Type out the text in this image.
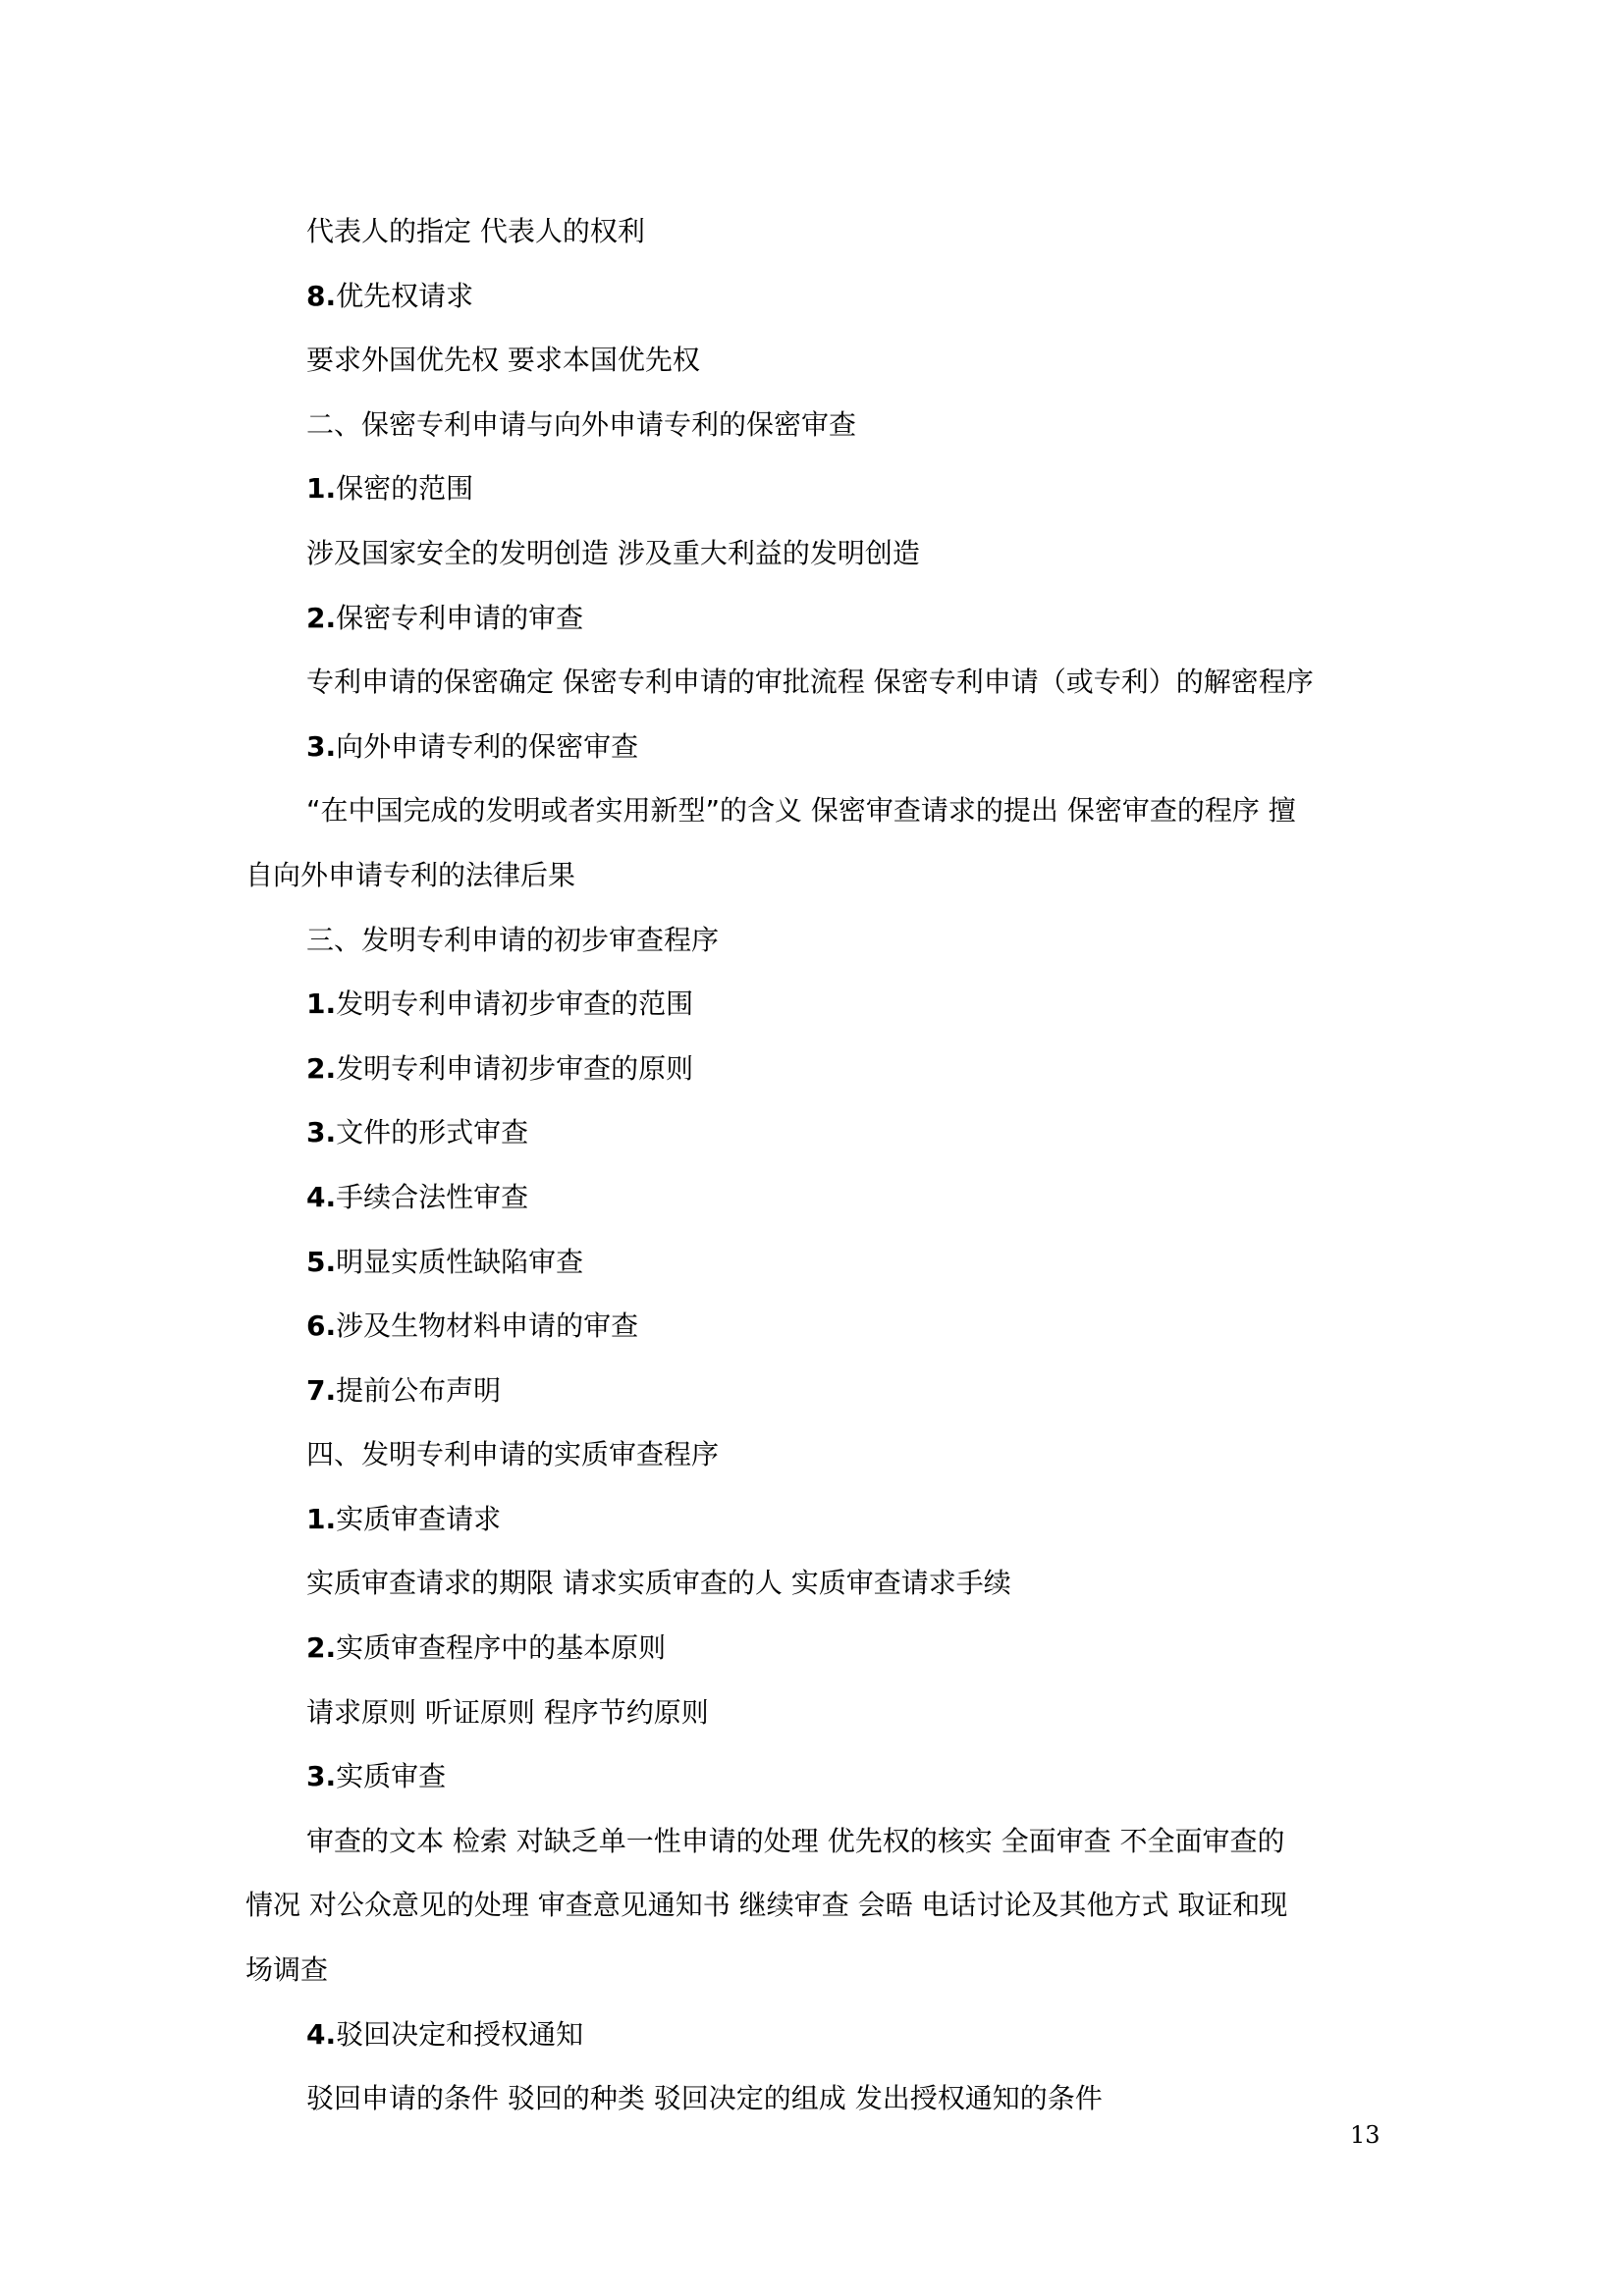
代表人的指定 代表人的权利

8.优先权请求

要求外国优先权 要求本国优先权

二、保密专利申请与向外申请专利的保密审查

1.保密的范围

涉及国家安全的发明创造 涉及重大利益的发明创造

2.保密专利申请的审查

专利申请的保密确定 保密专利申请的审批流程 保密专利申请（或专利）的解密程序

3.向外申请专利的保密审查

“在中国完成的发明或者实用新型”的含义 保密审查请求的提出 保密审查的程序 擅

自向外申请专利的法律后果

三、发明专利申请的初步审查程序

1.发明专利申请初步审查的范围

2.发明专利申请初步审查的原则

3.文件的形式审查

4.手续合法性审查

5.明显实质性缺陷审查

6.涉及生物材料申请的审查

7.提前公布声明

四、发明专利申请的实质审查程序

1.实质审查请求

实质审查请求的期限 请求实质审查的人 实质审查请求手续

2.实质审查程序中的基本原则

请求原则 听证原则 程序节约原则

3.实质审查

审查的文本 检索 对缺乏单一性申请的处理 优先权的核实 全面审查 不全面审查的

情况 对公众意见的处理 审查意见通知书 继续审查 会晤 电话讨论及其他方式 取证和现

场调查

4.驳回决定和授权通知

驳回申请的条件 驳回的种类 驳回决定的组成 发出授权通知的条件

13
